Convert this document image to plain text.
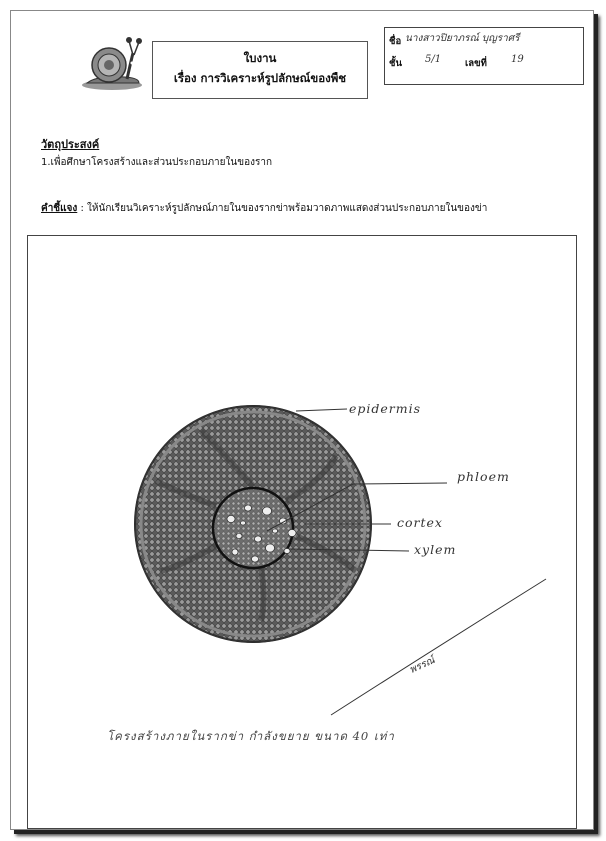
ใบงาน
เรื่อง การวิเคราะห์รูปลักษณ์ของพืช
ชื่อ นางสาวปิยาภรณ์ บุญราศรี
ชั้น 5/1	เลขที่ 19
วัตถุประสงค์
1.เพื่อศึกษาโครงสร้างและส่วนประกอบภายในของราก
คำชี้แจง : ให้นักเรียนวิเคราะห์รูปลักษณ์ภายในของรากข่าพร้อมวาดภาพแสดงส่วนประกอบภายในของข่า
epidermis
phloem
cortex
xylem
พรรณ์
โครงสร้างภายในรากข่า กำลังขยาย ขนาด 40 เท่า
